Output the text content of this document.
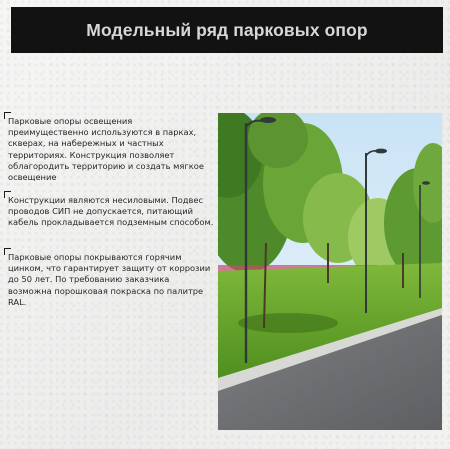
Модельный ряд парковых опор

Парковые опоры освещения преимущественно используются в парках, скверах, на набережных и частных территориях. Конструкция позволяет облагородить территорию и создать мягкое освещение

Конструкции являются несиловыми. Подвес проводов СИП не допускается, питающий кабель прокладывается подземным способом.

Парковые опоры покрываются горячим цинком, что гарантирует защиту от коррозии до 50 лет. По требованию заказчика возможна порошковая покраска по палитре RAL.
